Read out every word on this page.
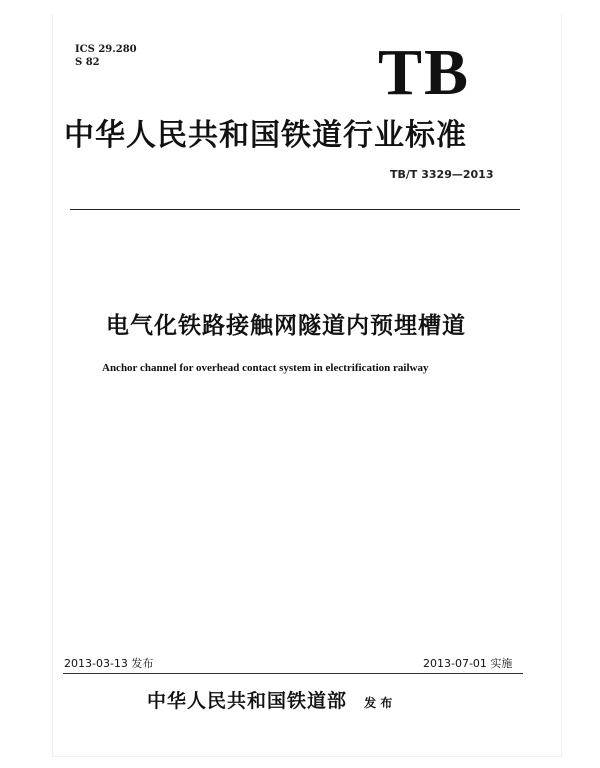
ICS 29.280
S 82	TB
中华人民共和国铁道行业标准
TB/T 3329—2013
电气化铁路接触网隧道内预埋槽道
Anchor channel for overhead contact system in electrification railway
2013-03-13 发布	2013-07-01 实施
中华人民共和国铁道部 发 布
